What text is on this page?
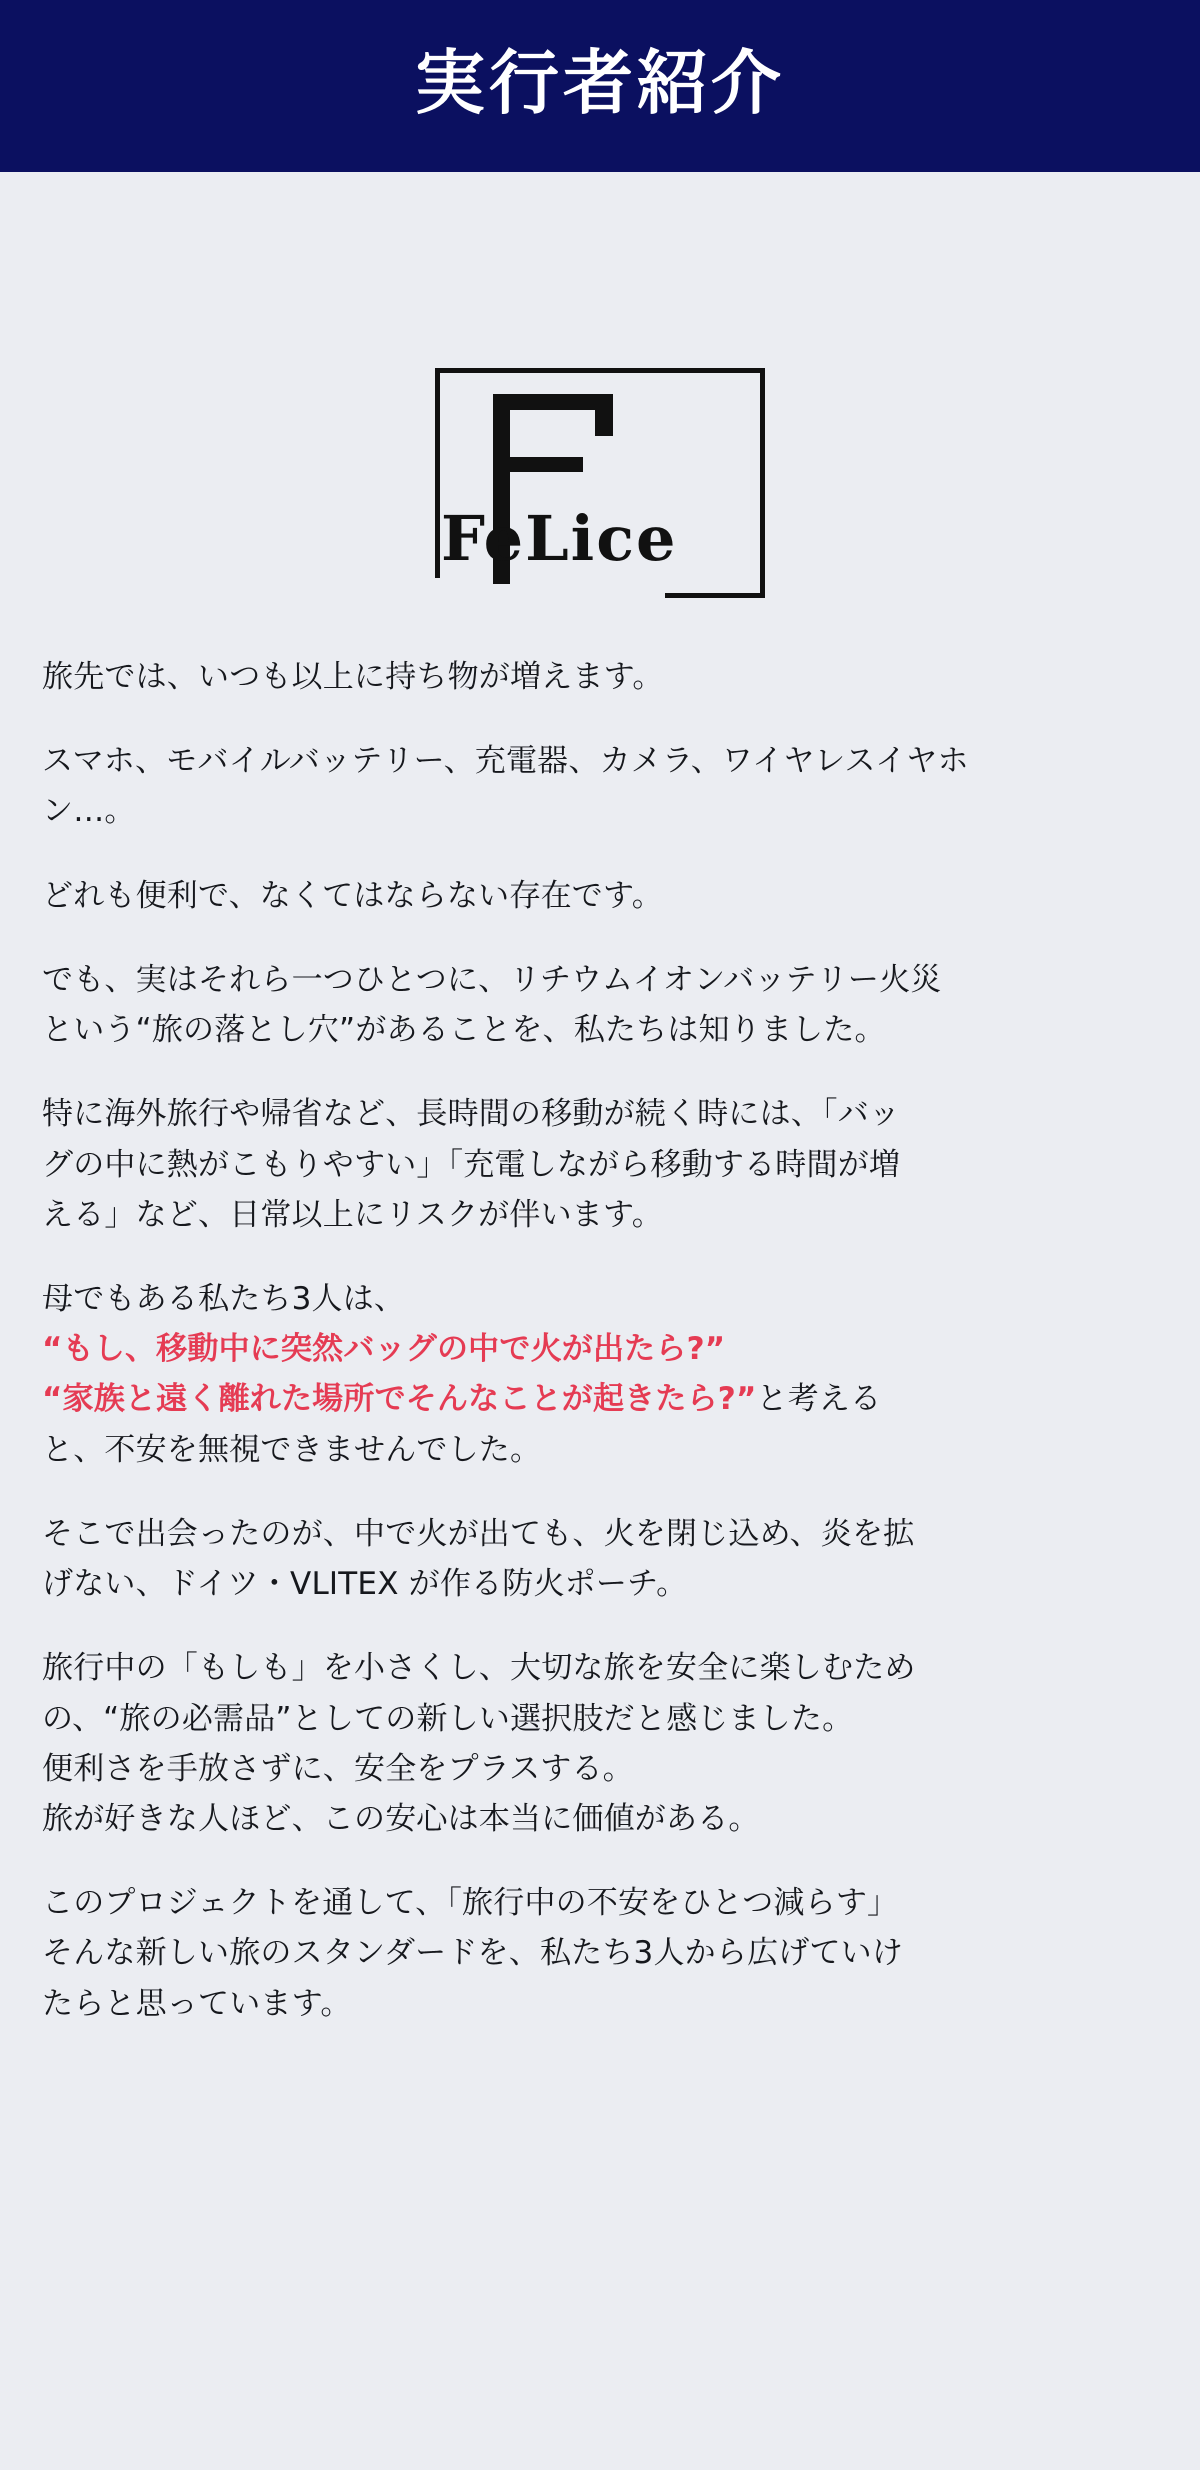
実行者紹介
FeLice

旅先では、いつも以上に持ち物が増えます。

スマホ、モバイルバッテリー、充電器、カメラ、ワイヤレスイヤホ
ン…。

どれも便利で、なくてはならない存在です。

でも、実はそれら一つひとつに、リチウムイオンバッテリー火災
という“旅の落とし穴”があることを、私たちは知りました。

特に海外旅行や帰省など、長時間の移動が続く時には、「バッ
グの中に熱がこもりやすい」「充電しながら移動する時間が増
える」など、日常以上にリスクが伴います。

母でもある私たち3人は、
“もし、移動中に突然バッグの中で火が出たら?”
“家族と遠く離れた場所でそんなことが起きたら?”と考える
と、不安を無視できませんでした。

そこで出会ったのが、中で火が出ても、火を閉じ込め、炎を拡
げない、ドイツ・VLITEX が作る防火ポーチ。

旅行中の「もしも」を小さくし、大切な旅を安全に楽しむため
の、“旅の必需品”としての新しい選択肢だと感じました。
便利さを手放さずに、安全をプラスする。
旅が好きな人ほど、この安心は本当に価値がある。

このプロジェクトを通して、「旅行中の不安をひとつ減らす」
そんな新しい旅のスタンダードを、私たち3人から広げていけ
たらと思っています。
